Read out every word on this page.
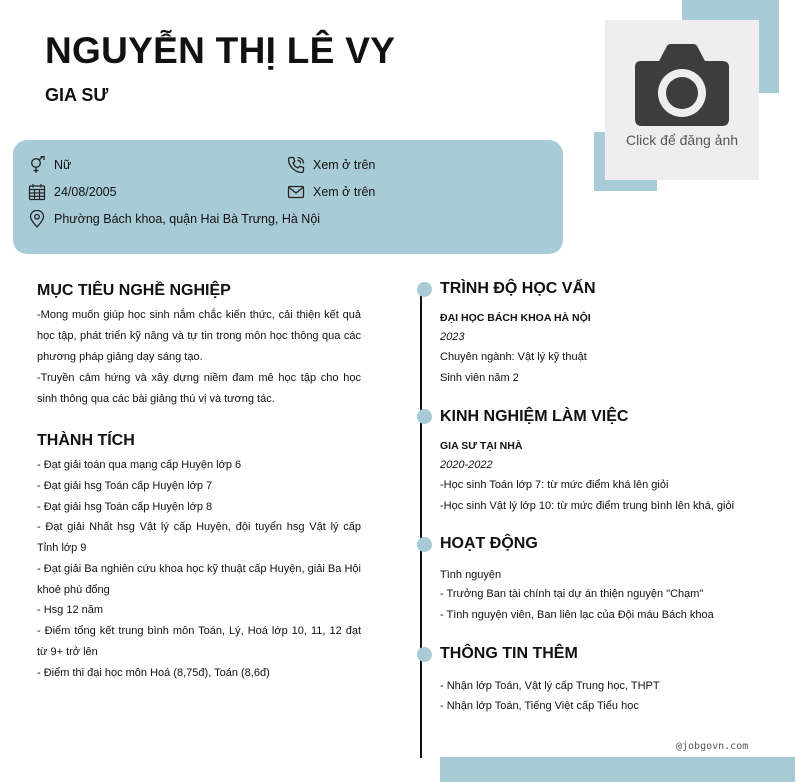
Click để đăng ảnh
NGUYỄN THỊ LÊ VY
GIA SƯ
Nữ
24/08/2005
Phường Bách khoa, quận Hai Bà Trưng, Hà Nội
Xem ở trên
Xem ở trên
MỤC TIÊU NGHỀ NGHIỆP
-Mong muốn giúp học sinh nắm chắc kiến thức, cải thiện kết quả học tập, phát triển kỹ năng và tự tin trong môn học thông qua các phương pháp giảng dạy sáng tạo.
-Truyền cảm hứng và xây dựng niềm đam mê học tập cho học sinh thông qua các bài giảng thú vị và tương tác.
THÀNH TÍCH
- Đạt giải toán qua mạng cấp Huyện lớp 6
- Đạt giải hsg Toán cấp Huyện lớp 7
- Đạt giải hsg Toán cấp Huyện lớp 8
- Đạt giải Nhất hsg Vật lý cấp Huyện, đội tuyển hsg Vật lý cấp Tỉnh lớp 9
- Đạt giải Ba nghiên cứu khoa học kỹ thuật cấp Huyện, giải Ba Hội khoẻ phù đổng
- Hsg 12 năm
- Điểm tổng kết trung bình môn Toán, Lý, Hoá lớp 10, 11, 12 đạt từ 9+ trở lên
- Điểm thi đại học môn Hoá (8,75đ), Toán (8,6đ)
TRÌNH ĐỘ HỌC VẤN
ĐẠI HỌC BÁCH KHOA HÀ NỘI
2023
Chuyên ngành: Vật lý kỹ thuật
Sinh viên năm 2
KINH NGHIỆM LÀM VIỆC
GIA SƯ TẠI NHÀ
2020-2022
-Học sinh Toán lớp 7: từ mức điểm khá lên giỏi
-Học sinh Vật lý lớp 10: từ mức điểm trung bình lên khá, giỏi
HOẠT ĐỘNG
Tình nguyện
- Trưởng Ban tài chính tại dự án thiện nguyện "Chạm"
- Tình nguyện viên, Ban liên lạc của Đội máu Bách khoa
THÔNG TIN THÊM
- Nhận lớp Toán, Vật lý cấp Trung học, THPT
- Nhận lớp Toán, Tiếng Việt cấp Tiểu học
@jobgovn.com
